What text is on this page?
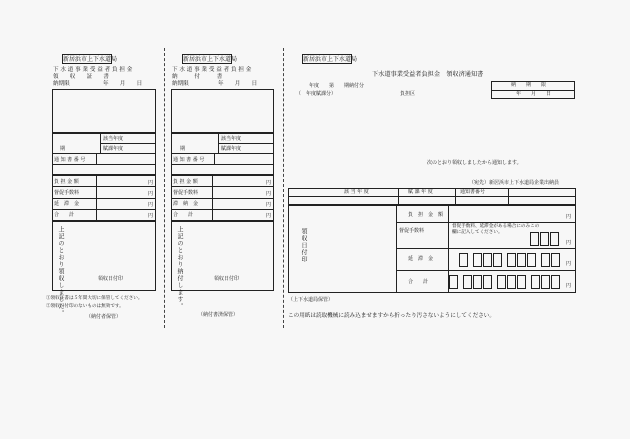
新居浜市上下水道局
下 水 道 事 業 受 益 者 負 担 金
領　　収　　証　　書
納期限	年　　月　　日
該当年度
期	賦課年度
通 知 書 番 号
負 担 金 額	円
督促手数料	円
延　滞　金	円
合　　計	円
上記のとおり領収しました。	領収日付印
①領収証書は５年間大切に保管してください。
②領収日付印のないものは無効です。
（納付者保管）
新居浜市上下水道局
下 水 道 事 業 受 益 者 負 担 金
納　　　付　　　書
納期限	年　　月　　日
該当年度
期	賦課年度
通 知 書 番 号
負 担 金 額	円
督促手数料	円
滞　納　金	円
合　　計	円
上記のとおり納付します。	領収日付印
（納付書済保管）
新居浜市上下水道局
下水道事業受益者負担金　領収済通知書
納　　期　　限
年　　月　　日
年度　　第　　期納付分
（　年度賦課分）	負担区
次のとおり領収しましたから通知します。
（宛先）新居浜市上下水道局企業出納員
該 当 年 度	賦 課 年 度	通知書番号
領収日付印
負　担　金　額	円
督促手数料
督促手数料、延滞金がある場合にのみこの欄に記入してください。
円
延　滞　金
円
合　　計
円
（上下水道局保管）
この用紙は読取機械に読み込ませますから折ったり汚さないようにしてください。
